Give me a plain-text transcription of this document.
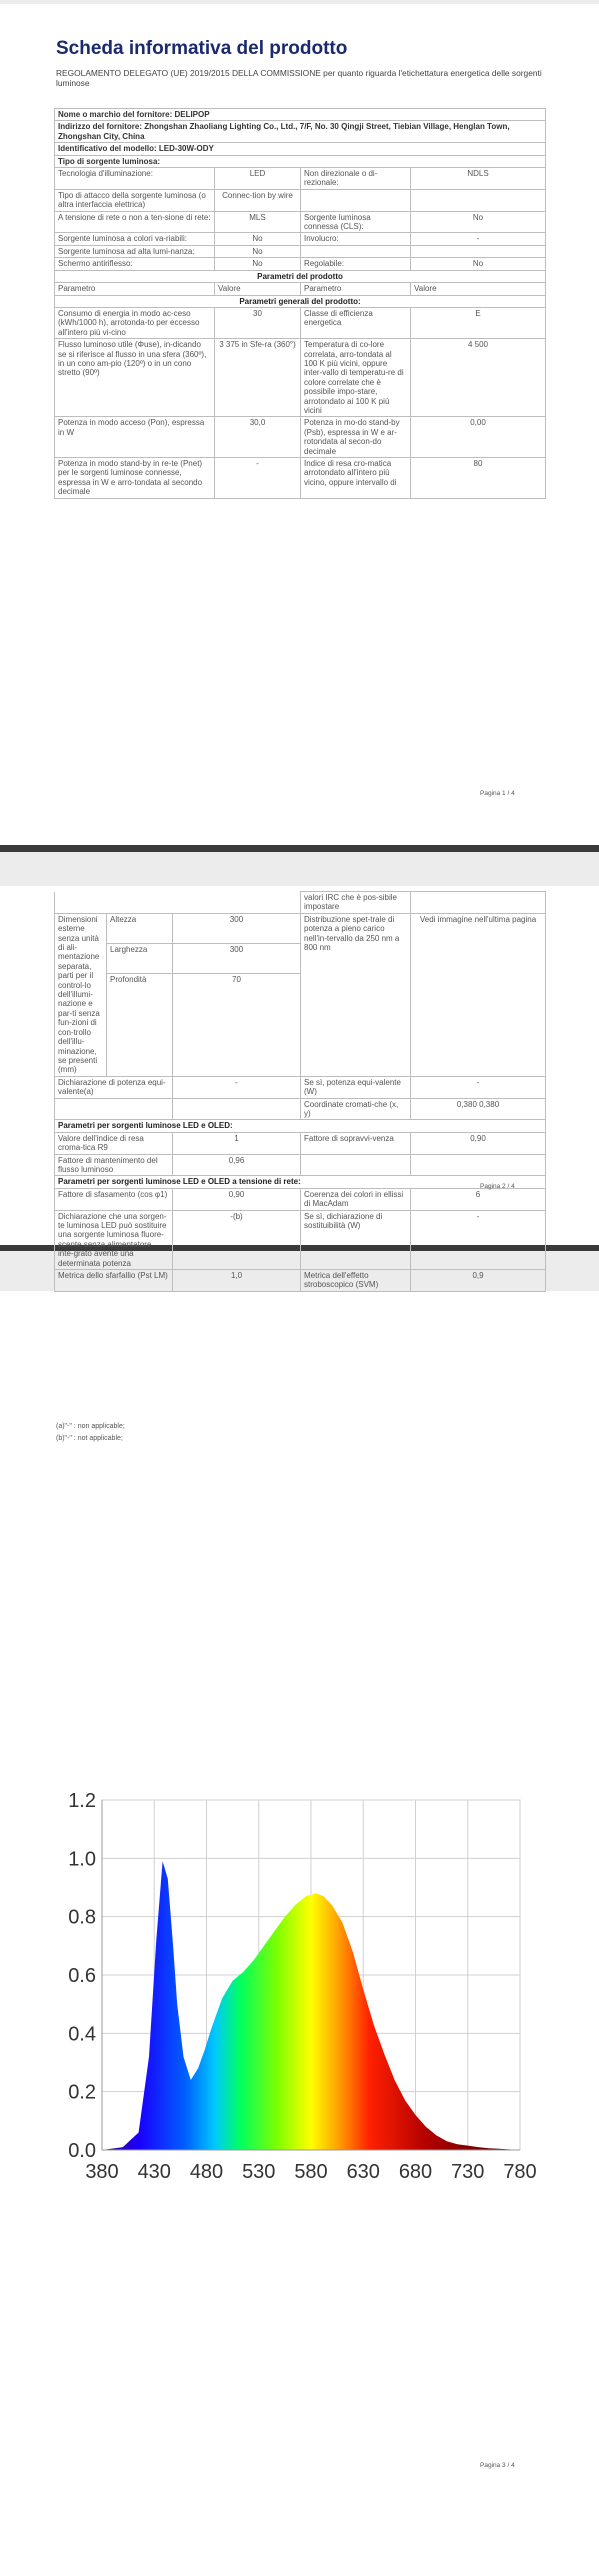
Scheda informativa del prodotto
REGOLAMENTO DELEGATO (UE) 2019/2015 DELLA COMMISSIONE per quanto riguarda l'etichettatura energetica delle sorgenti luminose
Nome o marchio del fornitore: DELIPOP			
Indirizzo del fornitore: Zhongshan Zhaoliang Lighting Co., Ltd., 7/F, No. 30 Qingji Street, Tiebian Village, Henglan Town, Zhongshan City, China			
Identificativo del modello: LED-30W-ODY			
Tipo di sorgente luminosa:			
Tecnologia d'illuminazione:	LED	Non direzionale o di-rezionale:	NDLS
Tipo di attacco della sorgente luminosa (o altra interfaccia elettrica)	Connec-tion by wire		
A tensione di rete o non a ten-sione di rete:	MLS	Sorgente luminosa connessa (CLS):	No
Sorgente luminosa a colori va-riabili:	No	Involucro:	-
Sorgente luminosa ad alta lumi-nanza:	No		
Schermo antiriflesso:	No	Regolabile:	No
Parametri del prodotto			
Parametro	Valore	Parametro	Valore
Parametri generali del prodotto:			
Consumo di energia in modo ac-ceso (kWh/1000 h), arrotonda-to per eccesso all'intero più vi-cino	30	Classe di efficienza energetica	E
Flusso luminoso utile (Φuse), in-dicando se si riferisce al flusso in una sfera (360º), in un cono am-pio (120º) o in un cono stretto (90º)	3 375 in Sfe-ra (360°)	Temperatura di co-lore correlata, arro-tondata al 100 K più vicini, oppure inter-vallo di temperatu-re di colore correlate che è possibile impo-stare, arrotondato ai 100 K più vicini	4 500
Potenza in modo acceso (Pon), espressa in W	30,0	Potenza in mo-do stand-by (Psb), espressa in W e ar-rotondata al secon-do decimale	0,00
Potenza in modo stand-by in re-te (Pnet) per le sorgenti luminose connesse, espressa in W e arro-tondata al secondo decimale	-	Indice di resa cro-matica arrotondato all'intero più vicino, oppure intervallo di	80
Pagina 1 / 4
			valori IRC che è pos-sibile impostare	
Dimensioni esterne senza unità di ali-mentazione separata, parti per il control-lo dell'illumi-nazione e par-ti senza fun-zioni di con-trollo dell'illu-minazione, se presenti (mm)	Altezza	300	Distribuzione spet-trale di potenza a pieno carico nell'in-tervallo da 250 nm a 800 nm	Vedi immagine nell'ultima pagina
	Larghezza	300		
	Profondità	70		
Dichiarazione di potenza equi-valente(a)		-	Se sì, potenza equi-valente (W)	-
			Coordinate cromati-che (x, y)	0,380 0,380
Parametri per sorgenti luminose LED e OLED:				
Valore dell'indice di resa croma-tica R9		1	Fattore di sopravvi-venza	0,90
Fattore di mantenimento del flusso luminoso		0,96		
Parametri per sorgenti luminose LED e OLED a tensione di rete:				
Fattore di sfasamento (cos φ1)		0,90	Coerenza dei colori in ellissi di MacAdam	6
Dichiarazione che una sorgen-te luminosa LED può sostituire una sorgente luminosa fluore-scente senza alimentatore inte-grato avente una determinata potenza		-(b)	Se sì, dichiarazione di sostituibilità (W)	-
Metrica dello sfarfallio (Pst LM)		1,0	Metrica dell'effetto stroboscopico (SVM)	0,9
(a)"-" : non applicable;
(b)"-" : not applicable;
Pagina 2 / 4
0.0
0.2
0.4
0.6
0.8
1.0
1.2
380 430 480 530 580 630 680 730 780
Pagina 3 / 4
